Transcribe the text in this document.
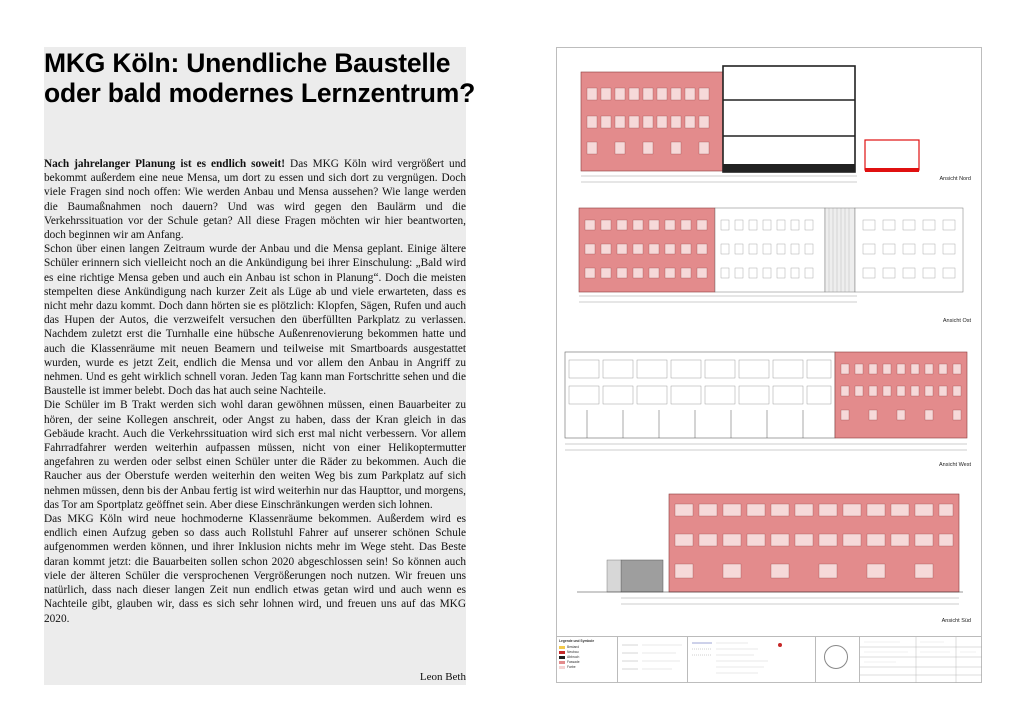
MKG Köln: Unendliche Baustelle oder bald modernes Lernzentrum?

Nach jahrelanger Planung ist es endlich soweit! Das MKG Köln wird vergrößert und bekommt außerdem eine neue Mensa, um dort zu essen und sich dort zu vergnügen. Doch viele Fragen sind noch offen: Wie werden Anbau und Mensa aussehen? Wie lange werden die Baumaßnahmen noch dauern? Und was wird gegen den Baulärm und die Verkehrssituation vor der Schule getan? All diese Fragen möchten wir hier beantworten, doch beginnen wir am Anfang.

Schon über einen langen Zeitraum wurde der Anbau und die Mensa geplant. Einige ältere Schüler erinnern sich vielleicht noch an die Ankündigung bei ihrer Einschulung: „Bald wird es eine richtige Mensa geben und auch ein Anbau ist schon in Planung“. Doch die meisten stempelten diese Ankündigung nach kurzer Zeit als Lüge ab und viele erwarteten, dass es nicht mehr dazu kommt. Doch dann hörten sie es plötzlich: Klopfen, Sägen, Rufen und auch das Hupen der Autos, die verzweifelt versuchen den überfüllten Parkplatz zu verlassen. Nachdem zuletzt erst die Turnhalle eine hübsche Außenrenovierung bekommen hatte und auch die Klassenräume mit neuen Beamern und teilweise mit Smartboards ausgestattet wurden, wurde es jetzt Zeit, endlich die Mensa und vor allem den Anbau in Angriff zu nehmen. Und es geht wirklich schnell voran. Jeden Tag kann man Fortschritte sehen und die Baustelle ist immer belebt. Doch das hat auch seine Nachteile.

Die Schüler im B Trakt werden sich wohl daran gewöhnen müssen, einen Bauarbeiter zu hören, der seine Kollegen anschreit, oder Angst zu haben, dass der Kran gleich in das Gebäude kracht. Auch die Verkehrssituation wird sich erst mal nicht verbessern. Vor allem Fahrradfahrer werden weiterhin aufpassen müssen, nicht von einer Helikoptermutter angefahren zu werden oder selbst einen Schüler unter die Räder zu bekommen. Auch die Raucher aus der Oberstufe werden weiterhin den weiten Weg bis zum Parkplatz auf sich nehmen müssen, denn bis der Anbau fertig ist wird weiterhin nur das Haupttor, und morgens, das Tor am Sportplatz geöffnet sein. Aber diese Einschränkungen werden sich lohnen.

Das MKG Köln wird neue hochmoderne Klassenräume bekommen. Außerdem wird es endlich einen Aufzug geben so dass auch Rollstuhl Fahrer auf unserer schönen Schule aufgenommen werden können, und ihrer Inklusion nichts mehr im Wege steht. Das Beste daran kommt jetzt: die Bauarbeiten sollen schon 2020 abgeschlossen sein! So können auch viele der älteren Schüler die versprochenen Vergrößerungen noch nutzen. Wir freuen uns natürlich, dass nach dieser langen Zeit nun endlich etwas getan wird und auch wenn es Nachteile gibt, glauben wir, dass es sich sehr lohnen wird, und freuen uns auf das MKG 2020.

Leon Beth
Ansicht Nord
Ansicht Ost
Ansicht West
Ansicht Süd
Legende und Symbole
Bestand
Neubau
Abbruch
Fassade
Farbe
